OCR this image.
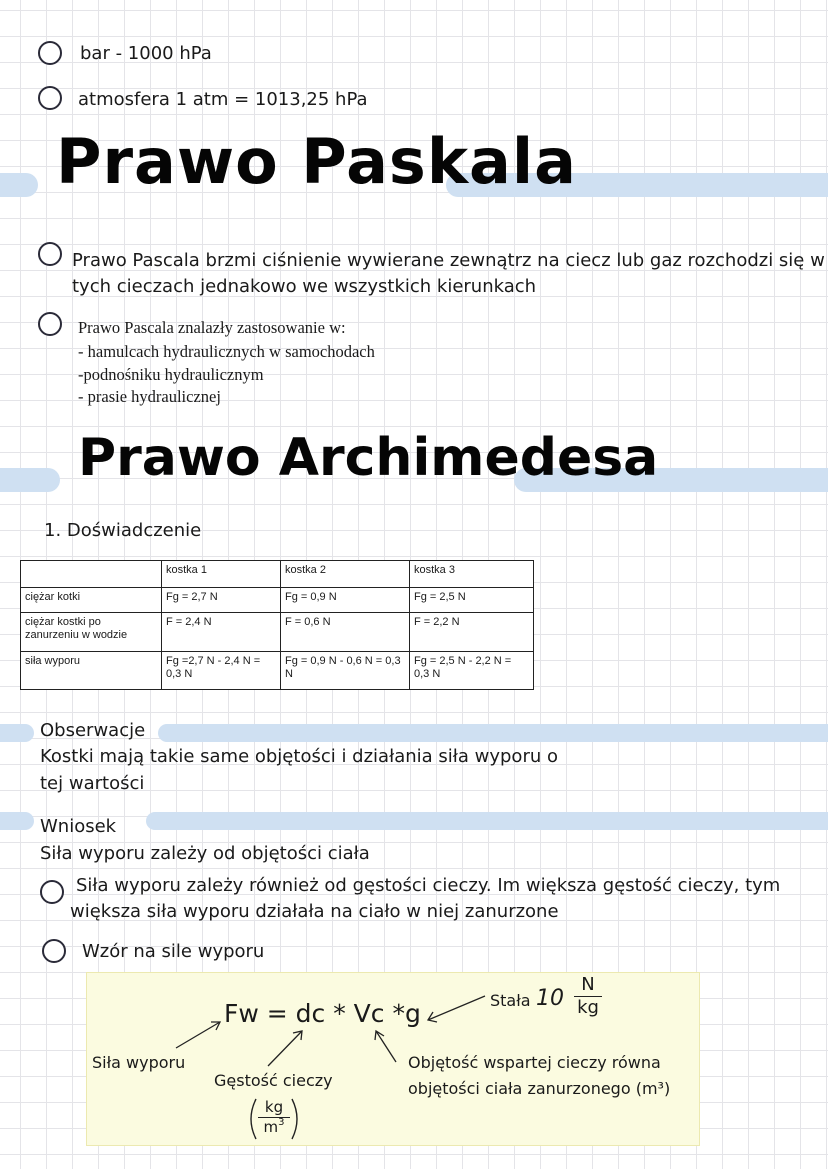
bar - 1000 hPa
atmosfera 1 atm = 1013,25 hPa
Prawo Paskala
Prawo Pascala brzmi ciśnienie wywierane zewnątrz na ciecz lub gaz rozchodzi się w
tych cieczach jednakowo we wszystkich kierunkach
Prawo Pascala znalazły zastosowanie w:
- hamulcach hydraulicznych w samochodach
-podnośniku hydraulicznym
- prasie hydraulicznej
Prawo Archimedesa
1. Doświadczenie
	kostka 1	kostka 2	kostka 3
ciężar kotki	Fg = 2,7 N	Fg = 0,9 N	Fg = 2,5 N
ciężar kostki po zanurzeniu w wodzie	F = 2,4 N	F = 0,6 N	F = 2,2 N
siła wyporu	Fg =2,7 N - 2,4 N = 0,3 N	Fg = 0,9 N - 0,6 N = 0,3 N	Fg = 2,5 N - 2,2 N = 0,3 N
Obserwacje
Kostki mają takie same objętości i działania siła wyporu o
tej wartości
Wniosek
Siła wyporu zależy od objętości ciała
Siła wyporu zależy również od gęstości cieczy. Im większa gęstość cieczy, tym
większa siła wyporu działała na ciało w niej zanurzone
Wzór na sile wyporu
Fw = dc * Vc *g	Stała $10 \frac{N}{kg}$
Siła wyporu
Gęstość cieczy
kg
$m^3$
Objętość wspartej cieczy równa
objętości ciała zanurzonego (m³)
